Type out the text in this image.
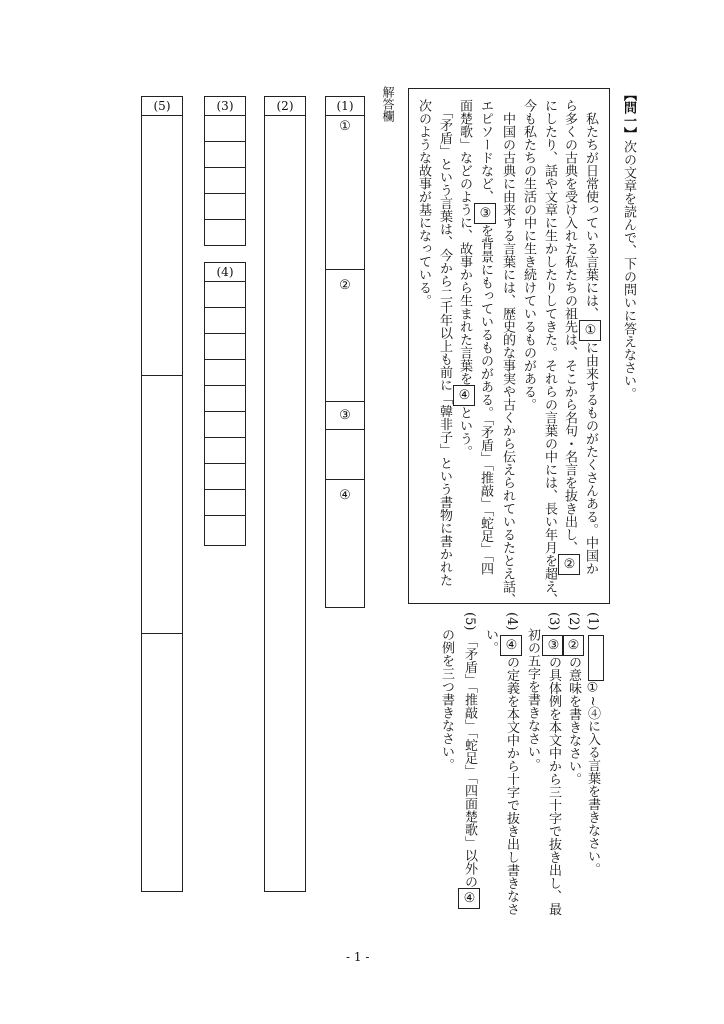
【問一】次の文章を読んで、下の問いに答えなさい。
　私たちが日常使っている言葉には、①に由来するものがたくさんある。中国か
ら多くの古典を受け入れた私たちの祖先は、そこから名句・名言を抜き出し、②
にしたり、話や文章に生かしたりしてきた。それらの言葉の中には、長い年月を超え、
今も私たちの生活の中に生き続けているものがある。
　中国の古典に由来する言葉には、歴史的な事実や古くから伝えられているたとえ話、
エピソードなど、③を背景にもっているものがある。「矛盾」「推敲」「蛇足」「四
面楚歌」などのように、故事から生まれた言葉を④という。
　「矛盾」という言葉は、今から二千年以上も前に「韓非子」という書物に書かれた
次のような故事が基になっている。
(1) ①~④に入る言葉を書きなさい。
(2) ②の意味を書きなさい。
(3) ③の具体例を本文中から三十字で抜き出し、最
初の五字を書きなさい。
(4) ④の定義を本文中から十字で抜き出し書きなさ
い。
(5) 「矛盾」「推敲」「蛇足」「四面楚歌」以外の④
の例を三つ書きなさい。
解答欄
(1)
①
②
③
④
(2)
(3)
(4)
(5)
- 1 -
